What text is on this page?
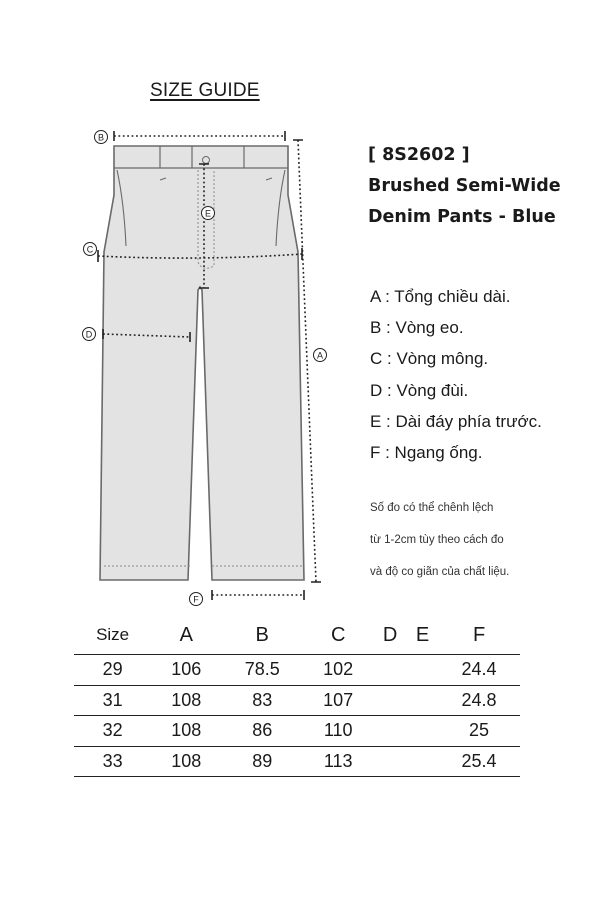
SIZE GUIDE
B
C
D
E
A
F
[ 8S2602 ]
Brushed Semi-Wide
Denim Pants - Blue
A : Tổng chiều dài.
B : Vòng eo.
C : Vòng mông.
D : Vòng đùi.
E : Dài đáy phía trước.
F : Ngang ống.
Số đo có thể chênh lệch
từ 1-2cm tùy theo cách đo
và độ co giãn của chất liệu.
Size	A	B	C	D	E	F
29	106	78.5	102			24.4
31	108	83	107			24.8
32	108	86	110			25
33	108	89	113			25.4
